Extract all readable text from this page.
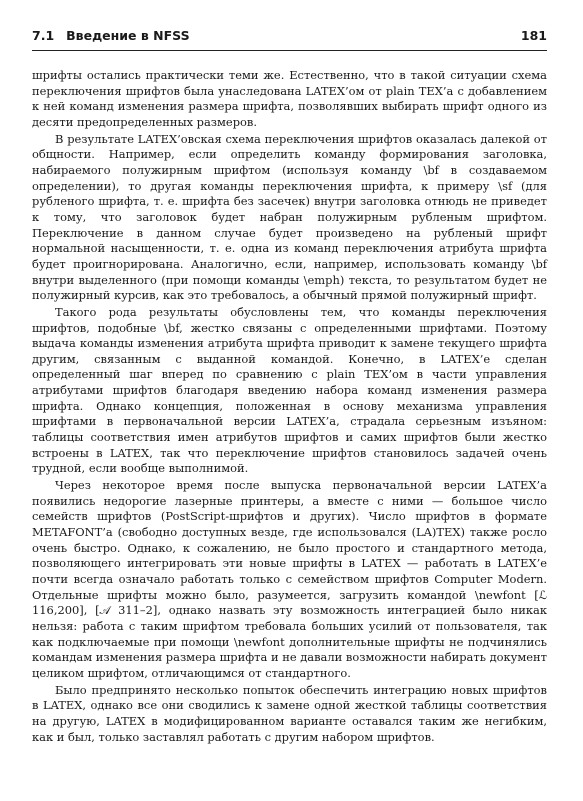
7.1 Введение в NFSS	181

шрифты остались практически теми же. Естественно, что в такой ситуации схема переключения шрифтов была унаследована LATEX’ом от plain TEX’а с добавлением к ней команд изменения размера шрифта, позволявших выбирать шрифт одного из десяти предопределенных размеров.

В результате LATEX’овская схема переключения шрифтов оказалась далекой от общности. Например, если определить команду формирования заголовка, набираемого полужирным шрифтом (используя команду \bf в создаваемом определении), то другая команды переключения шрифта, к примеру \sf (для рубленого шрифта, т. е. шрифта без засечек) внутри заголовка отнюдь не приведет к тому, что заголовок будет набран полужирным рубленым шрифтом. Переключение в данном случае будет произведено на рубленый шрифт нормальной насыщенности, т. е. одна из команд переключения атрибута шрифта будет проигнорирована. Аналогично, если, например, использовать команду \bf внутри выделенного (при помощи команды \emph) текста, то результатом будет не полужирный курсив, как это требовалось, а обычный прямой полужирный шрифт.

Такого рода результаты обусловлены тем, что команды переключения шрифтов, подобные \bf, жестко связаны с определенными шрифтами. Поэтому выдача команды изменения атрибута шрифта приводит к замене текущего шрифта другим, связанным с выданной командой. Конечно, в LATEX’е сделан определенный шаг вперед по сравнению с plain TEX’ом в части управления атрибутами шрифтов благодаря введению набора команд изменения размера шрифта. Однако концепция, положенная в основу механизма управления шрифтами в первоначальной версии LATEX’а, страдала серьезным изъяном: таблицы соответствия имен атрибутов шрифтов и самих шрифтов были жестко встроены в LATEX, так что переключение шрифтов становилось задачей очень трудной, если вообще выполнимой.

Через некоторое время после выпуска первоначальной версии LATEX’а появились недорогие лазерные принтеры, а вместе с ними — большое число семейств шрифтов (PostScript-шрифтов и других). Число шрифтов в формате METAFONT’а (свободно доступных везде, где использовался (LA)TEX) также росло очень быстро. Однако, к сожалению, не было простого и стандартного метода, позволяющего интегрировать эти новые шрифты в LATEX — работать в LATEX’е почти всегда означало работать только с семейством шрифтов Computer Modern. Отдельные шрифты можно было, разумеется, загрузить командой \newfont [ℒ 116,200], [𝒜 311–2], однако назвать эту возможность интеграцией было никак нельзя: работа с таким шрифтом требовала больших усилий от пользователя, так как подключаемые при помощи \newfont дополнительные шрифты не подчинялись командам изменения размера шрифта и не давали возможности набирать документ целиком шрифтом, отличающимся от стандартного.

Было предпринято несколько попыток обеспечить интеграцию новых шрифтов в LATEX, однако все они сводились к замене одной жесткой таблицы соответствия на другую, LATEX в модифицированном варианте оставался таким же негибким, как и был, только заставлял работать с другим набором шрифтов.
